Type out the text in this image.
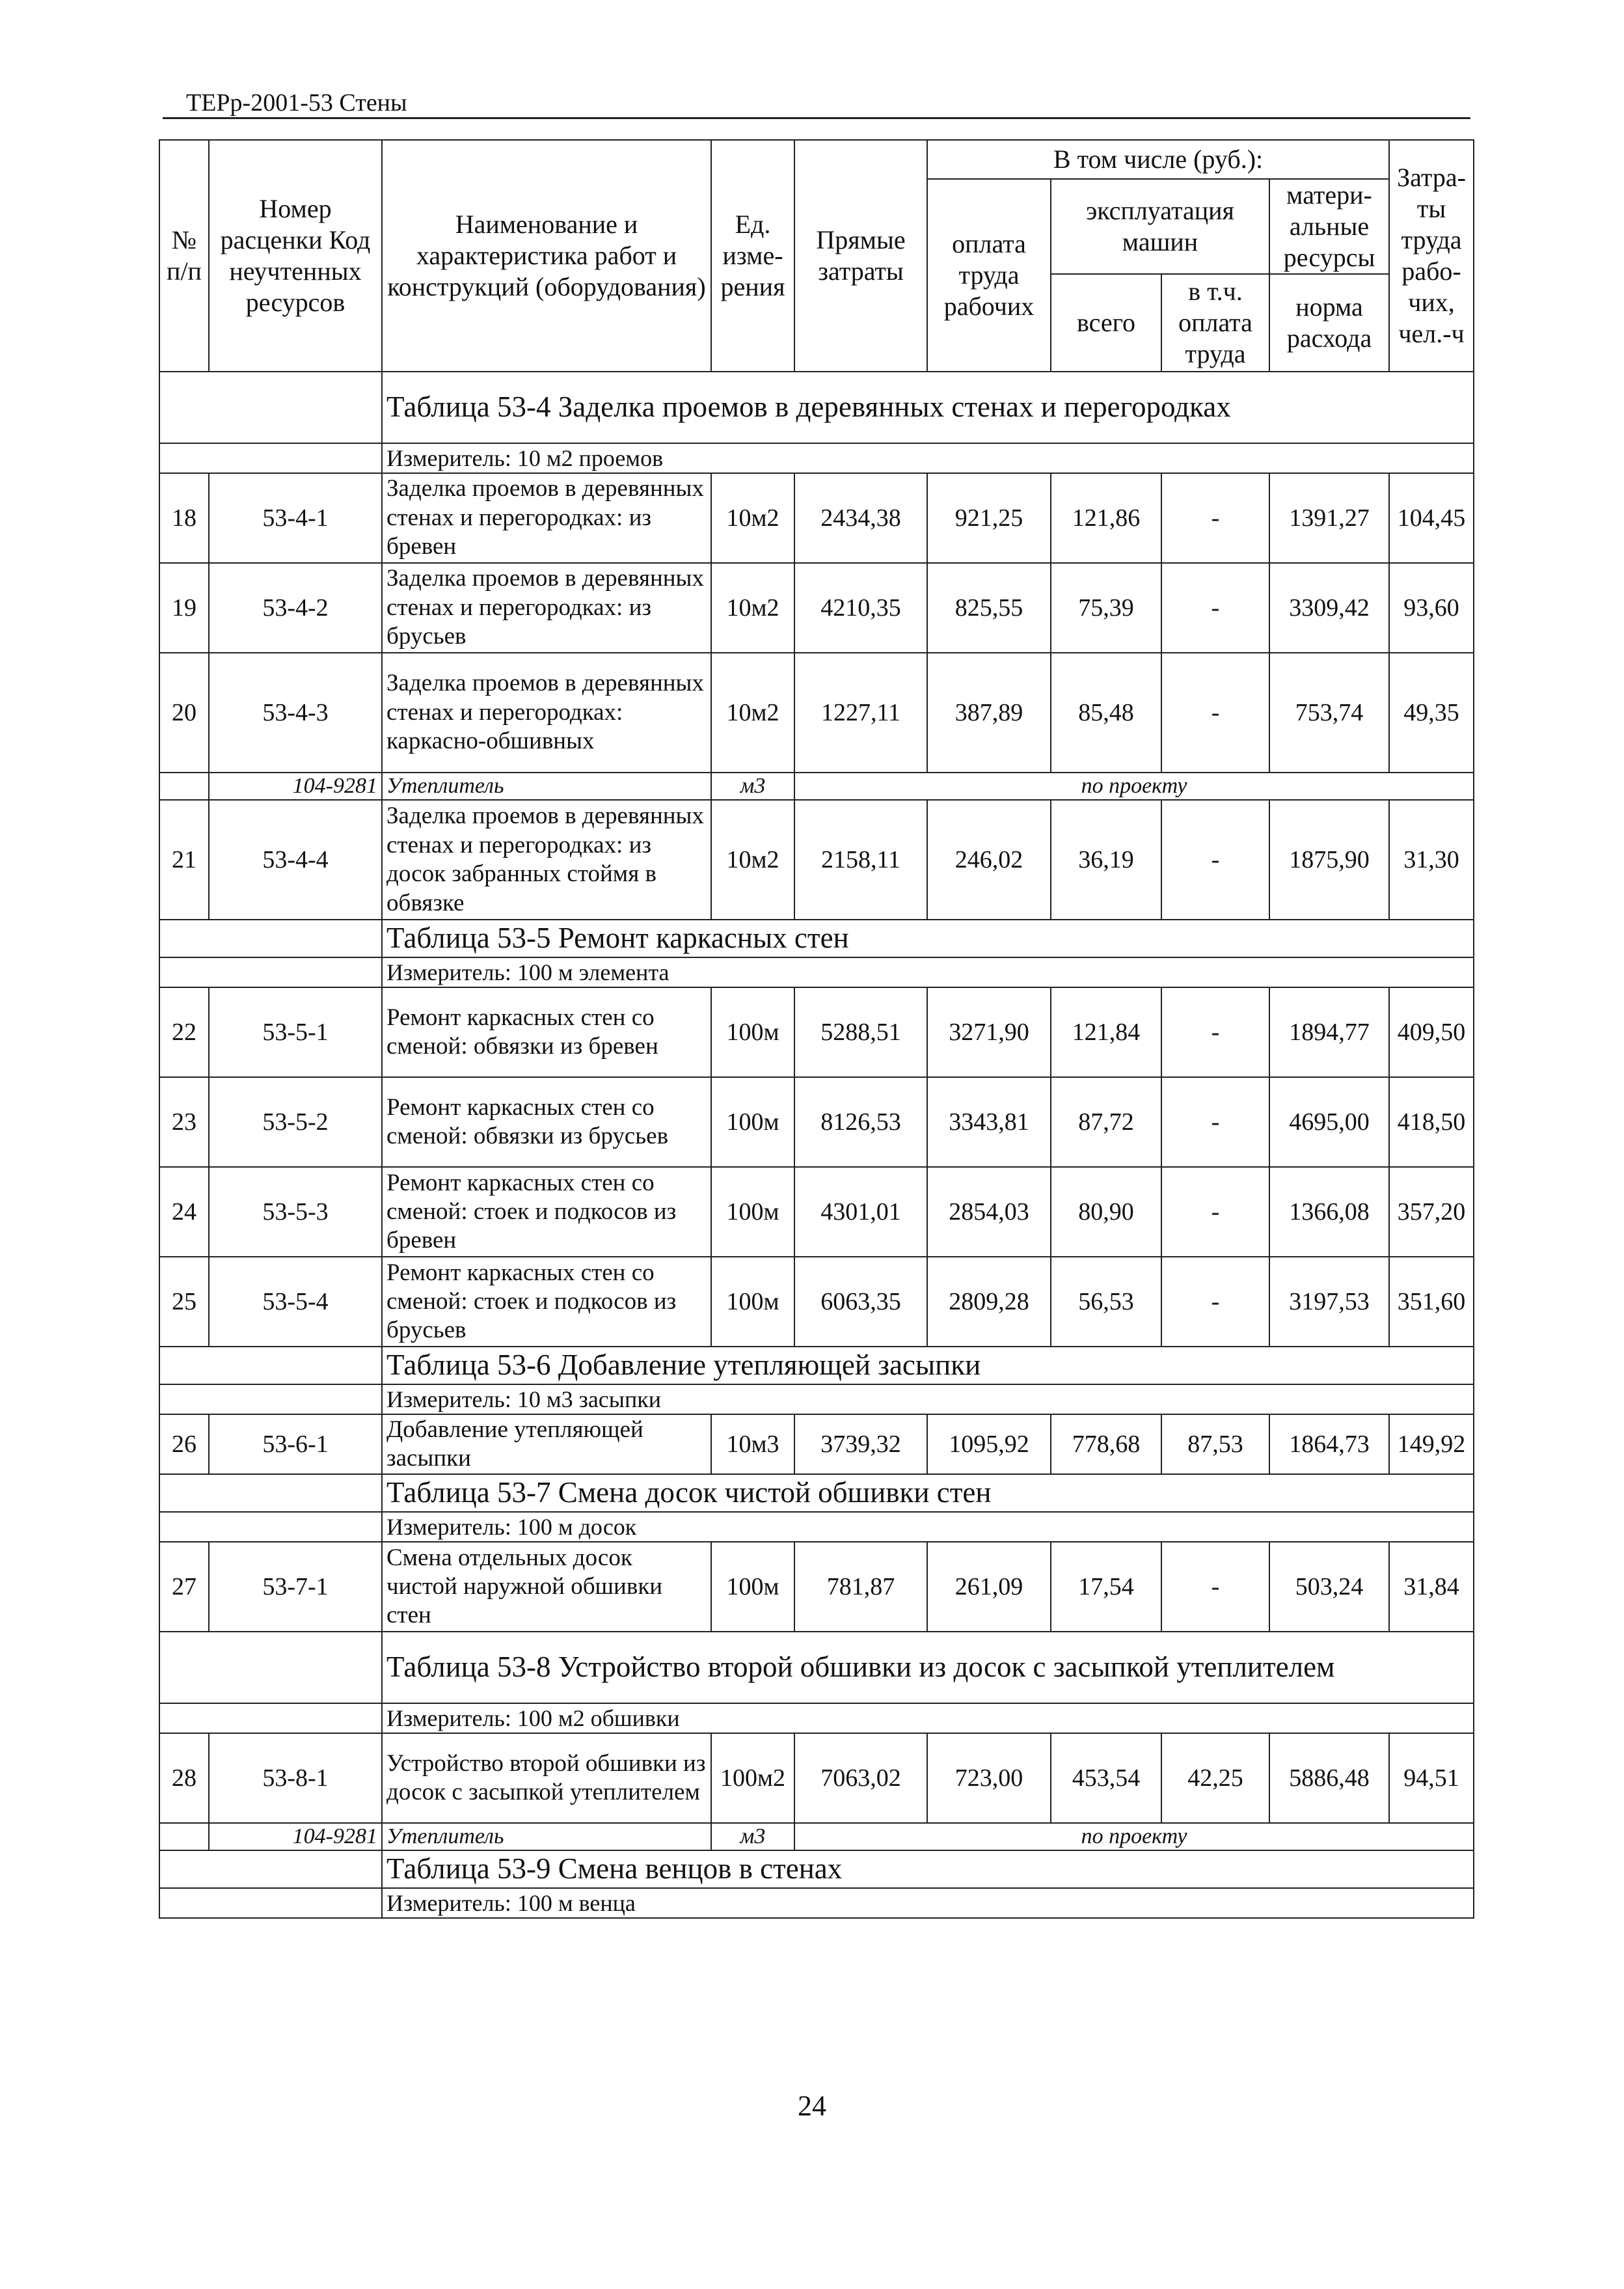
ТЕРр-2001-53 Стены
№ п/п	Номер расценки Код неучтенных ресурсов	Наименование и характеристика работ и конструкций (оборудования)	Ед. изме-рения	Прямые затраты	В том числе (руб.):				Затра-ты труда рабо-чих, чел.-ч
					оплата труда рабочих	эксплуатация машин		матери-альные ресурсы	
						всего	в т.ч. оплата труда	норма расхода	

		Таблица 53-4 Заделка проемов в деревянных стенах и перегородках							
		Измеритель: 10 м2 проемов							
18	53-4-1	Заделка проемов в деревянных стенах и перегородках: из бревен	10м2	2434,38	921,25	121,86	-	1391,27	104,45
19	53-4-2	Заделка проемов в деревянных стенах и перегородках: из брусьев	10м2	4210,35	825,55	75,39	-	3309,42	93,60
20	53-4-3	Заделка проемов в деревянных стенах и перегородках: каркасно-обшивных	10м2	1227,11	387,89	85,48	-	753,74	49,35
	104-9281	Утеплитель	м3	по проекту					
21	53-4-4	Заделка проемов в деревянных стенах и перегородках: из досок забранных стоймя в обвязке	10м2	2158,11	246,02	36,19	-	1875,90	31,30
		Таблица 53-5 Ремонт каркасных стен							
		Измеритель: 100 м элемента							
22	53-5-1	Ремонт каркасных стен со сменой: обвязки из бревен	100м	5288,51	3271,90	121,84	-	1894,77	409,50
23	53-5-2	Ремонт каркасных стен со сменой: обвязки из брусьев	100м	8126,53	3343,81	87,72	-	4695,00	418,50
24	53-5-3	Ремонт каркасных стен со сменой: стоек и подкосов из бревен	100м	4301,01	2854,03	80,90	-	1366,08	357,20
25	53-5-4	Ремонт каркасных стен со сменой: стоек и подкосов из брусьев	100м	6063,35	2809,28	56,53	-	3197,53	351,60
		Таблица 53-6 Добавление утепляющей засыпки							
		Измеритель: 10 м3 засыпки							
26	53-6-1	Добавление утепляющей засыпки	10м3	3739,32	1095,92	778,68	87,53	1864,73	149,92
		Таблица 53-7 Смена досок чистой обшивки стен							
		Измеритель: 100 м досок							
27	53-7-1	Смена отдельных досок чистой наружной обшивки стен	100м	781,87	261,09	17,54	-	503,24	31,84
		Таблица 53-8 Устройство второй обшивки из досок с засыпкой утеплителем							
		Измеритель: 100 м2 обшивки							
28	53-8-1	Устройство второй обшивки из досок с засыпкой утеплителем	100м2	7063,02	723,00	453,54	42,25	5886,48	94,51
	104-9281	Утеплитель	м3	по проекту					
		Таблица 53-9 Смена венцов в стенах							
		Измеритель: 100 м венца							
24
